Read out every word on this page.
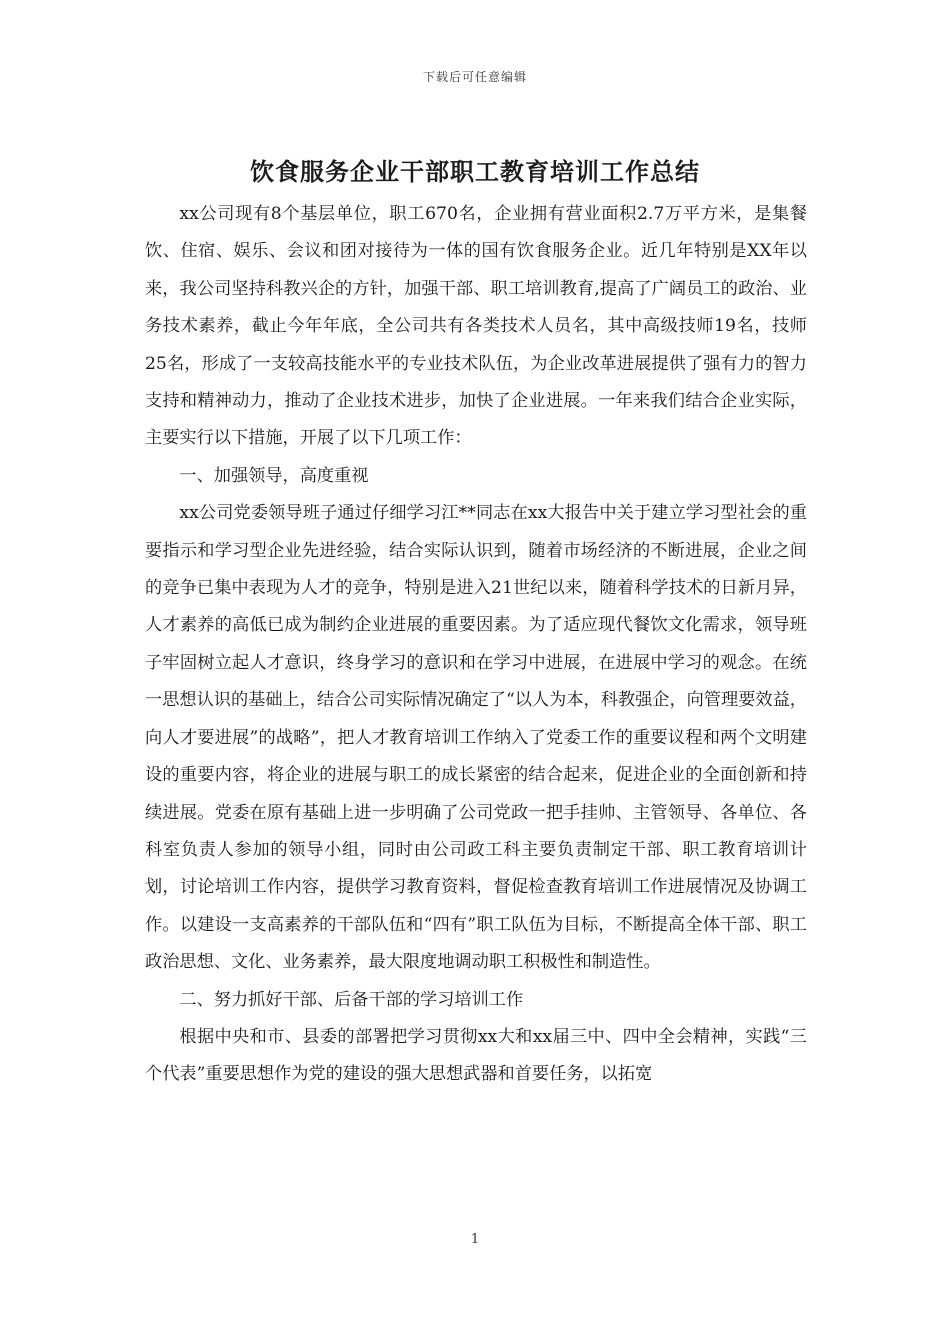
下载后可任意编辑
饮食服务企业干部职工教育培训工作总结

xx公司现有8个基层单位，职工670名，企业拥有营业面积2.7万平方米，是集餐饮、住宿、娱乐、会议和团对接待为一体的国有饮食服务企业。近几年特别是XX年以来，我公司坚持科教兴企的方针，加强干部、职工培训教育,提高了广阔员工的政治、业务技术素养，截止今年年底，全公司共有各类技术人员名，其中高级技师19名，技师25名，形成了一支较高技能水平的专业技术队伍，为企业改革进展提供了强有力的智力支持和精神动力，推动了企业技术进步，加快了企业进展。一年来我们结合企业实际，主要实行以下措施，开展了以下几项工作：

一、加强领导，高度重视

xx公司党委领导班子通过仔细学习江**同志在xx大报告中关于建立学习型社会的重要指示和学习型企业先进经验，结合实际认识到，随着市场经济的不断进展，企业之间的竞争已集中表现为人才的竞争，特别是进入21世纪以来，随着科学技术的日新月异，人才素养的高低已成为制约企业进展的重要因素。为了适应现代餐饮文化需求，领导班子牢固树立起人才意识，终身学习的意识和在学习中进展，在进展中学习的观念。在统一思想认识的基础上，结合公司实际情况确定了“以人为本，科教强企，向管理要效益，向人才要进展”的战略”，把人才教育培训工作纳入了党委工作的重要议程和两个文明建设的重要内容，将企业的进展与职工的成长紧密的结合起来，促进企业的全面创新和持续进展。党委在原有基础上进一步明确了公司党政一把手挂帅、主管领导、各单位、各科室负责人参加的领导小组，同时由公司政工科主要负责制定干部、职工教育培训计划，讨论培训工作内容，提供学习教育资料，督促检查教育培训工作进展情况及协调工作。以建设一支高素养的干部队伍和“四有”职工队伍为目标，不断提高全体干部、职工政治思想、文化、业务素养，最大限度地调动职工积极性和制造性。

二、努力抓好干部、后备干部的学习培训工作

根据中央和市、县委的部署把学习贯彻xx大和xx届三中、四中全会精神，实践“三个代表”重要思想作为党的建设的强大思想武器和首要任务，以拓宽

1
